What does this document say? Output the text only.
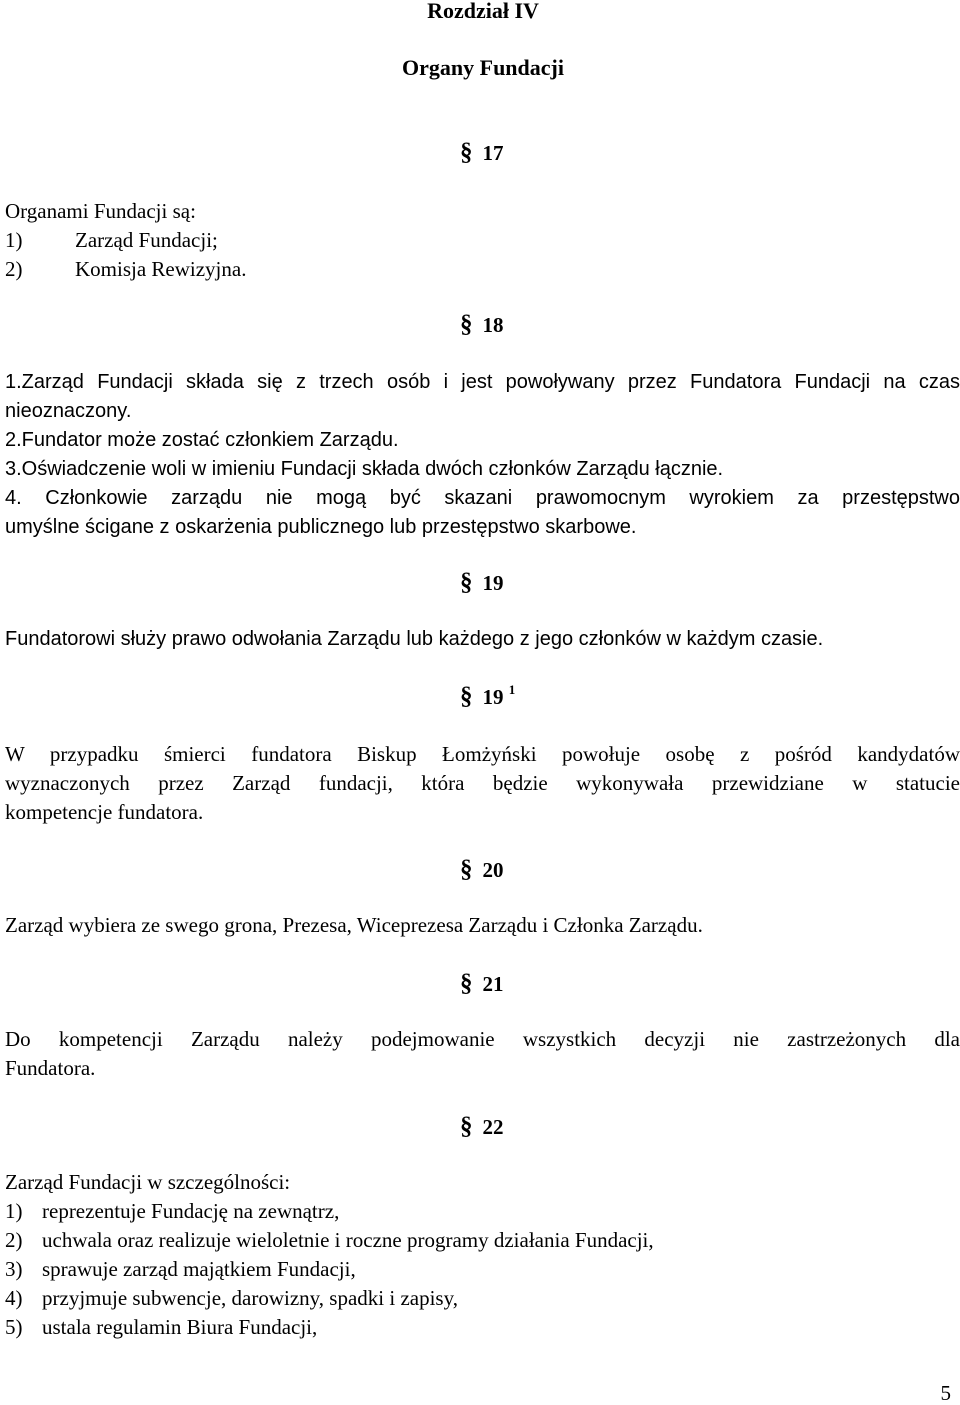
Rozdział IV
Organy Fundacji
§ 17
Organami Fundacji są:
1)	Zarząd Fundacji;
2)	Komisja Rewizyjna.
§ 18
1.Zarząd Fundacji składa się z trzech osób i jest powoływany przez Fundatora Fundacji na czas
nieoznaczony.
2.Fundator może zostać członkiem Zarządu.
3.Oświadczenie woli w imieniu Fundacji składa dwóch członków Zarządu łącznie.
4. Członkowie zarządu nie mogą być skazani prawomocnym wyrokiem za przestępstwo
umyślne ścigane z oskarżenia publicznego lub przestępstwo skarbowe.
§ 19
Fundatorowi służy prawo odwołania Zarządu lub każdego z jego członków w każdym czasie.
§ 19 $^1$
W przypadku śmierci fundatora Biskup Łomżyński powołuje osobę z pośród kandydatów
wyznaczonych przez Zarząd fundacji, która będzie wykonywała przewidziane w statucie
kompetencje fundatora.
§ 20
Zarząd wybiera ze swego grona, Prezesa, Wiceprezesa Zarządu i Członka Zarządu.
§ 21
Do kompetencji Zarządu należy podejmowanie wszystkich decyzji nie zastrzeżonych dla
Fundatora.
§ 22
Zarząd Fundacji w szczególności:
1) reprezentuje Fundację na zewnątrz,
2) uchwala oraz realizuje wieloletnie i roczne programy działania Fundacji,
3) sprawuje zarząd majątkiem Fundacji,
4) przyjmuje subwencje, darowizny, spadki i zapisy,
5) ustala regulamin Biura Fundacji,
5
